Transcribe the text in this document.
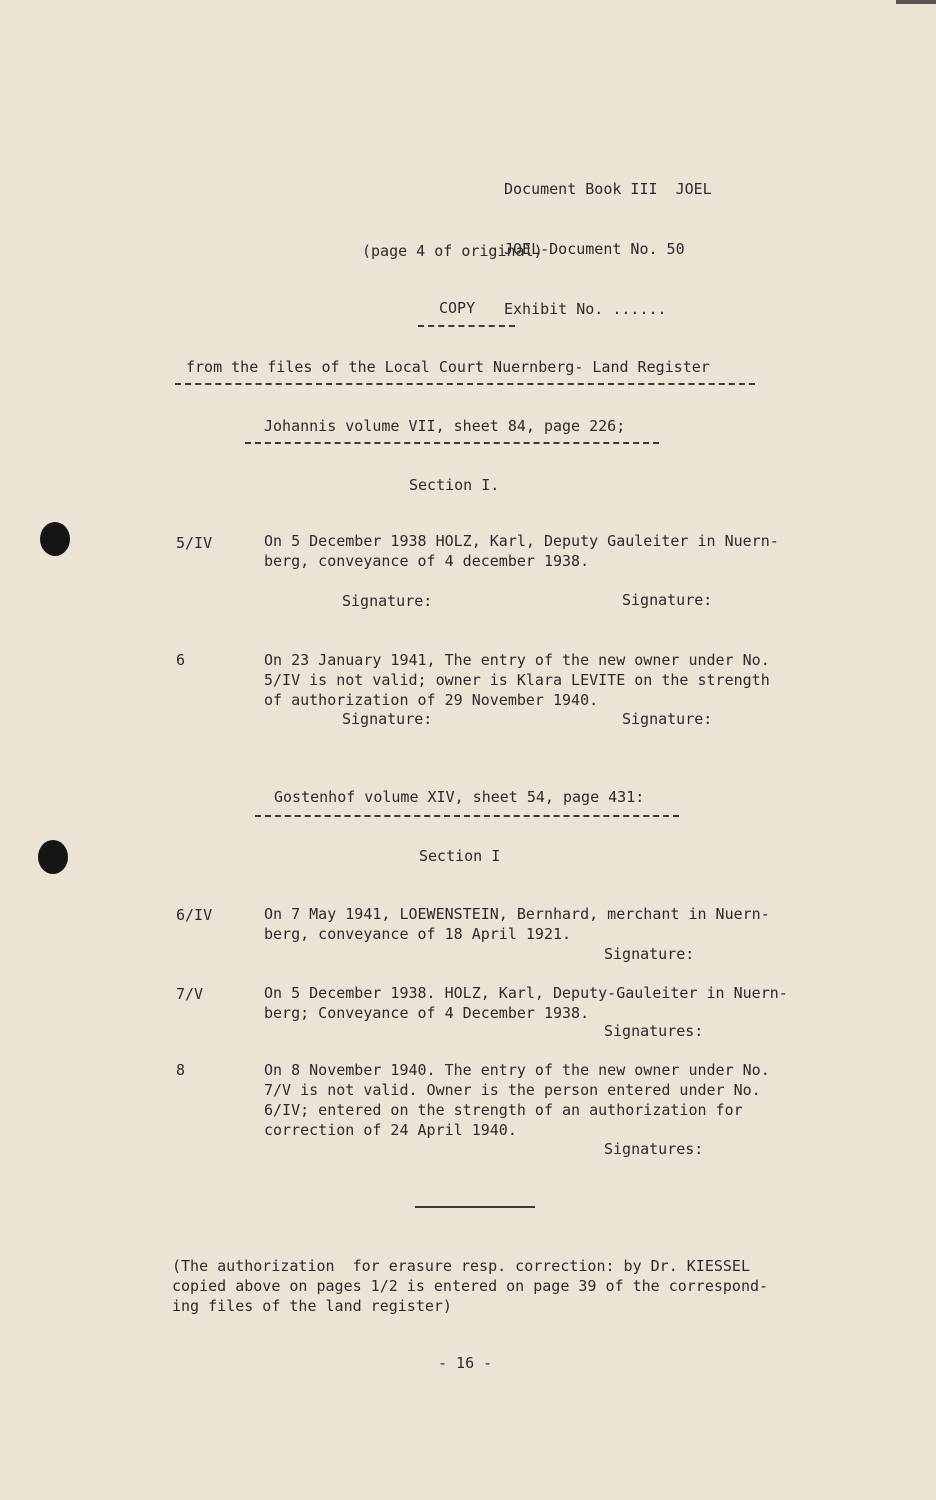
Document Book III  JOEL

JOEL-Document No. 50

Exhibit No. ......

(page 4 of original)
COPY
from the files of the Local Court Nuernberg- Land Register
Johannis volume VII, sheet 84, page 226;
Section I.
5/IV	On 5 December 1938 HOLZ, Karl, Deputy Gauleiter in Nuern-
berg, conveyance of 4 december 1938.
Signature:	Signature:
6	On 23 January 1941, The entry of the new owner under No.
5/IV is not valid; owner is Klara LEVITE on the strength
of authorization of 29 November 1940.
Signature:	Signature:
Gostenhof volume XIV, sheet 54, page 431:
Section I
6/IV	On 7 May 1941, LOEWENSTEIN, Bernhard, merchant in Nuern-
berg, conveyance of 18 April 1921.
Signature:
7/V	On 5 December 1938. HOLZ, Karl, Deputy-Gauleiter in Nuern-
berg; Conveyance of 4 December 1938.
Signatures:
8	On 8 November 1940. The entry of the new owner under No.
7/V is not valid. Owner is the person entered under No.
6/IV; entered on the strength of an authorization for
correction of 24 April 1940.
Signatures:
(The authorization  for erasure resp. correction: by Dr. KIESSEL
copied above on pages 1/2 is entered on page 39 of the correspond-
ing files of the land register)
- 16 -
